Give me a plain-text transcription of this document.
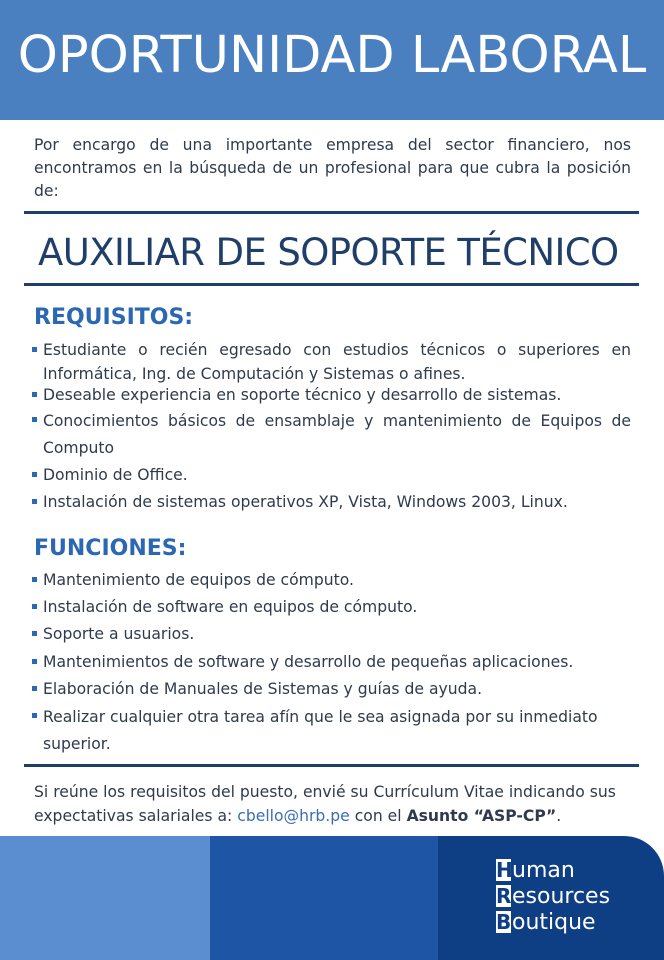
OPORTUNIDAD LABORAL
Por encargo de una importante empresa del sector financiero, nos encontramos en la búsqueda de un profesional para que cubra la posición de:
AUXILIAR DE SOPORTE TÉCNICO
REQUISITOS:
Estudiante o recién egresado con estudios técnicos o superiores en Informática, Ing. de Computación y Sistemas o afines.
Deseable experiencia en soporte técnico y desarrollo de sistemas.
Conocimientos básicos de ensamblaje y mantenimiento de Equipos de Computo
Dominio de Office.
Instalación de sistemas operativos XP, Vista, Windows 2003, Linux.
FUNCIONES:
Mantenimiento de equipos de cómputo.
Instalación de software en equipos de cómputo.
Soporte a usuarios.
Mantenimientos de software y desarrollo de pequeñas aplicaciones.
Elaboración de Manuales de Sistemas y guías de ayuda.
Realizar cualquier otra tarea afín que le sea asignada por su inmediato superior.
Si reúne los requisitos del puesto, envié su Currículum Vitae indicando sus expectativas salariales a: cbello@hrb.pe con el Asunto “ASP-CP”.
H uman
R esources
B outique
